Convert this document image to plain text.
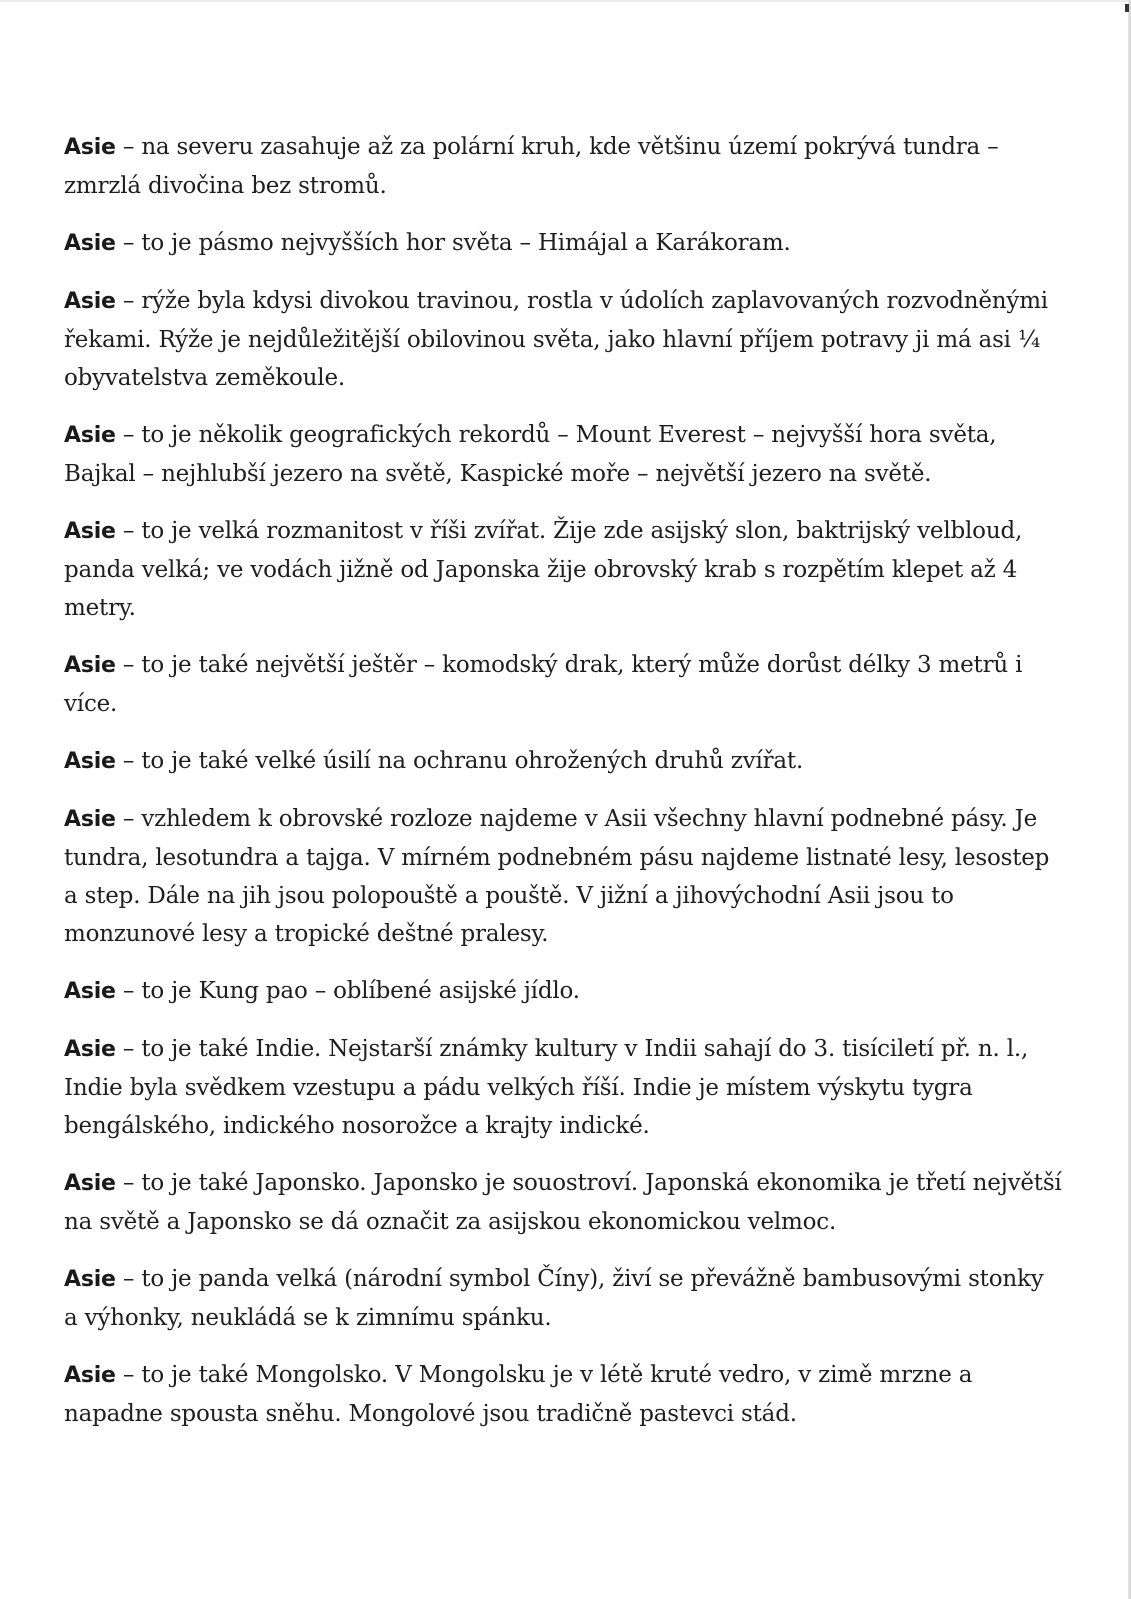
Asie – na severu zasahuje až za polární kruh, kde většinu území pokrývá tundra – zmrzlá divočina bez stromů.

Asie – to je pásmo nejvyšších hor světa – Himájal a Karákoram.

Asie – rýže byla kdysi divokou travinou, rostla v údolích zaplavovaných rozvodněnými řekami. Rýže je nejdůležitější obilovinou světa, jako hlavní příjem potravy ji má asi ¼ obyvatelstva zeměkoule.

Asie – to je několik geografických rekordů – Mount Everest – nejvyšší hora světa, Bajkal – nejhlubší jezero na světě, Kaspické moře – největší jezero na světě.

Asie – to je velká rozmanitost v říši zvířat. Žije zde asijský slon, baktrijský velbloud, panda velká; ve vodách jižně od Japonska žije obrovský krab s rozpětím klepet až 4 metry.

Asie – to je také největší ještěr – komodský drak, který může dorůst délky 3 metrů i více.

Asie – to je také velké úsilí na ochranu ohrožených druhů zvířat.

Asie – vzhledem k obrovské rozloze najdeme v Asii všechny hlavní podnebné pásy. Je tundra, lesotundra a tajga. V mírném podnebném pásu najdeme listnaté lesy, lesostep a step. Dále na jih jsou polopouště a pouště. V jižní a jihovýchodní Asii jsou to monzunové lesy a tropické deštné pralesy.

Asie – to je Kung pao – oblíbené asijské jídlo.

Asie – to je také Indie. Nejstarší známky kultury v Indii sahají do 3. tisíciletí př. n. l., Indie byla svědkem vzestupu a pádu velkých říší. Indie je místem výskytu tygra bengálského, indického nosorožce a krajty indické.

Asie – to je také Japonsko. Japonsko je souostroví. Japonská ekonomika je třetí největší na světě a Japonsko se dá označit za asijskou ekonomickou velmoc.

Asie – to je panda velká (národní symbol Číny), živí se převážně bambusovými stonky a výhonky, neukládá se k zimnímu spánku.

Asie – to je také Mongolsko. V Mongolsku je v létě kruté vedro, v zimě mrzne a napadne spousta sněhu. Mongolové jsou tradičně pastevci stád.
